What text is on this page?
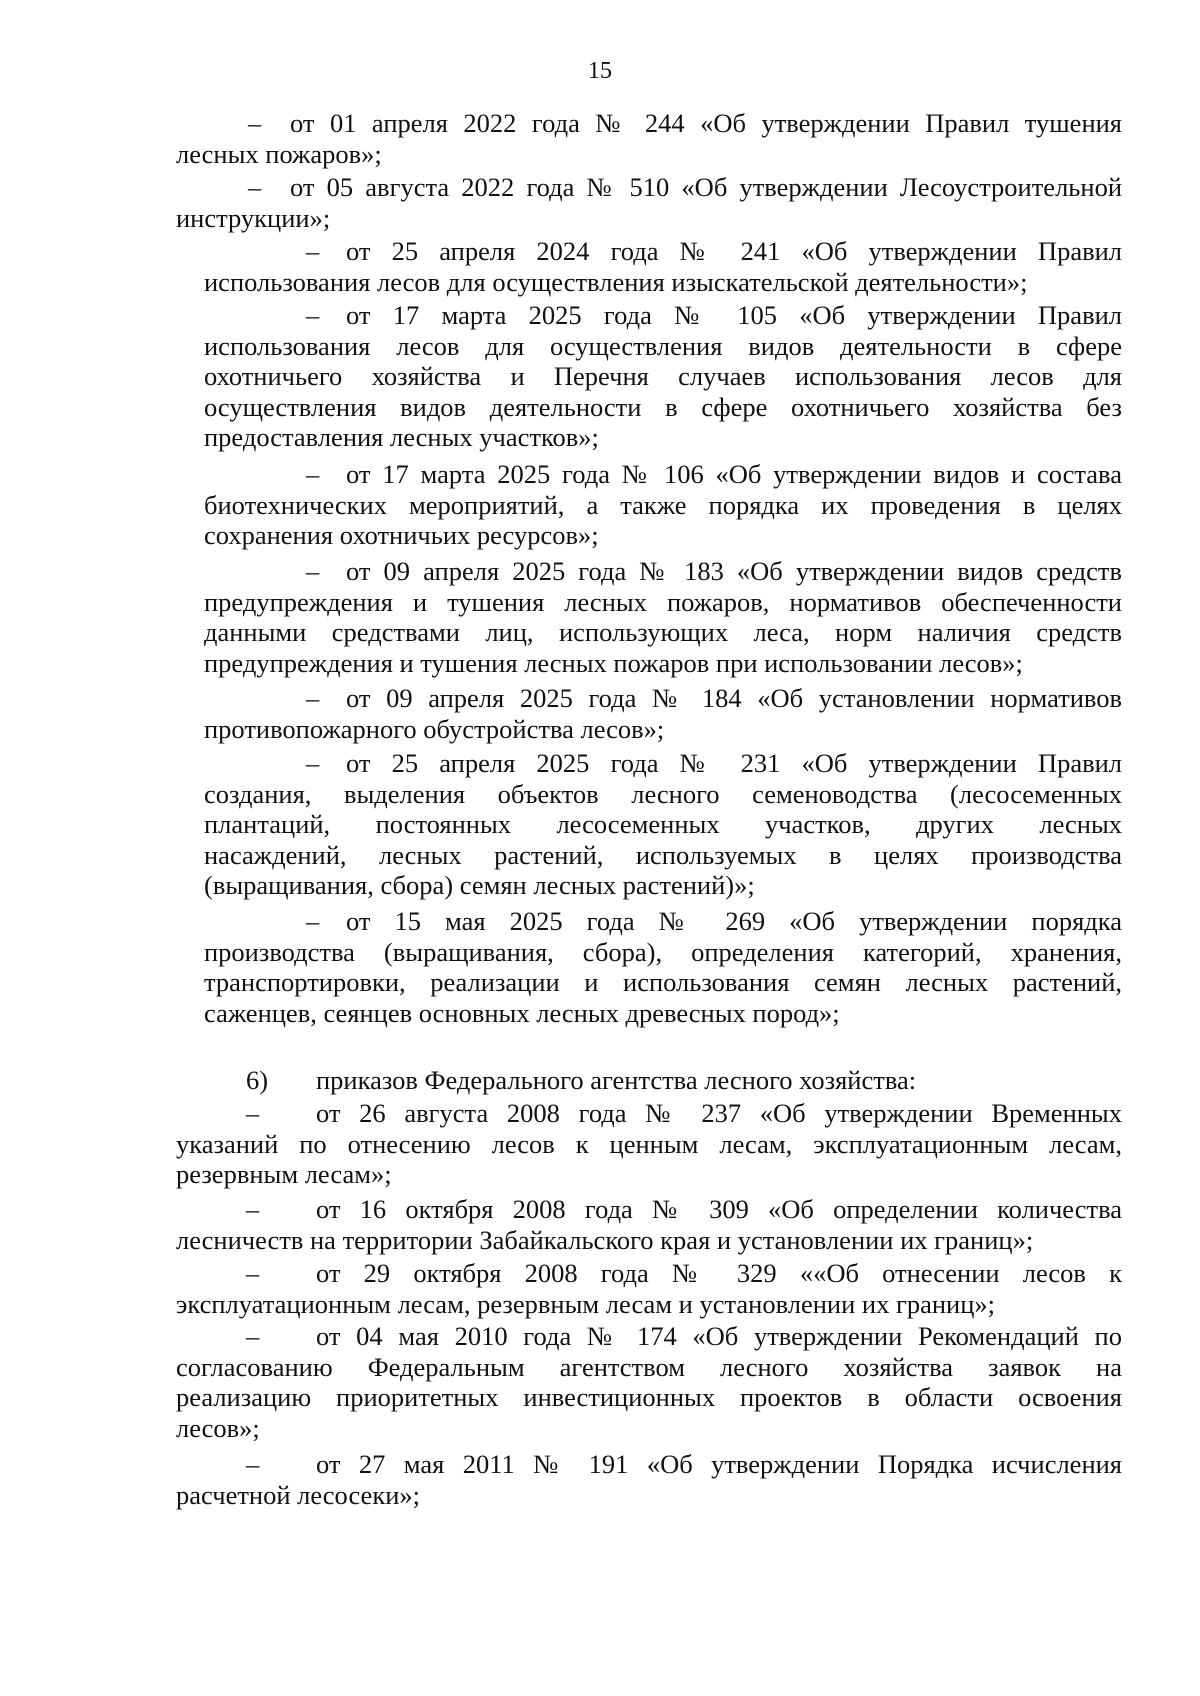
15
– от 01 апреля 2022 года № 244 «Об утверждении Правил тушения
лесных пожаров»;
– от 05 августа 2022 года № 510 «Об утверждении Лесоустроительной
инструкции»;
– от 25 апреля 2024 года № 241 «Об утверждении Правил
использования лесов для осуществления изыскательской деятельности»;
– от 17 марта 2025 года № 105 «Об утверждении Правил
использования лесов для осуществления видов деятельности в сфере
охотничьего хозяйства и Перечня случаев использования лесов для
осуществления видов деятельности в сфере охотничьего хозяйства без
предоставления лесных участков»;
– от 17 марта 2025 года № 106 «Об утверждении видов и состава
биотехнических мероприятий, а также порядка их проведения в целях
сохранения охотничьих ресурсов»;
– от 09 апреля 2025 года № 183 «Об утверждении видов средств
предупреждения и тушения лесных пожаров, нормативов обеспеченности
данными средствами лиц, использующих леса, норм наличия средств
предупреждения и тушения лесных пожаров при использовании лесов»;
– от 09 апреля 2025 года № 184 «Об установлении нормативов
противопожарного обустройства лесов»;
– от 25 апреля 2025 года № 231 «Об утверждении Правил
создания, выделения объектов лесного семеноводства (лесосеменных
плантаций, постоянных лесосеменных участков, других лесных
насаждений, лесных растений, используемых в целях производства
(выращивания, сбора) семян лесных растений)»;
– от 15 мая 2025 года № 269 «Об утверждении порядка
производства (выращивания, сбора), определения категорий, хранения,
транспортировки, реализации и использования семян лесных растений,
саженцев, сеянцев основных лесных древесных пород»;
6) приказов Федерального агентства лесного хозяйства:
– от 26 августа 2008 года № 237 «Об утверждении Временных
указаний по отнесению лесов к ценным лесам, эксплуатационным лесам,
резервным лесам»;
– от 16 октября 2008 года № 309 «Об определении количества
лесничеств на территории Забайкальского края и установлении их границ»;
– от 29 октября 2008 года № 329 ««Об отнесении лесов к
эксплуатационным лесам, резервным лесам и установлении их границ»;
– от 04 мая 2010 года № 174 «Об утверждении Рекомендаций по
согласованию Федеральным агентством лесного хозяйства заявок на
реализацию приоритетных инвестиционных проектов в области освоения
лесов»;
– от 27 мая 2011 № 191 «Об утверждении Порядка исчисления
расчетной лесосеки»;
